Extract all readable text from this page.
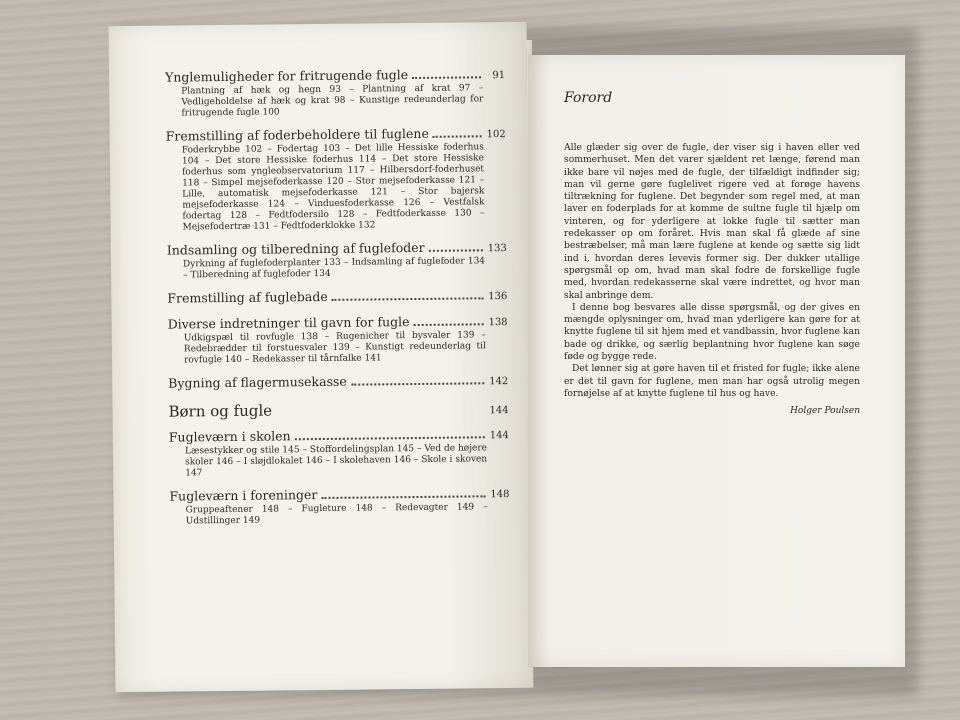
Ynglemuligheder for fritrugende fugle	91
Plantning af hæk og hegn 93 – Plantning af krat 97 – Vedligeholdelse af hæk og krat 98 – Kunstige redeunderlag for fritrugende fugle 100
Fremstilling af foderbeholdere til fuglene	102
Foderkrybbe 102 – Fodertag 103 – Det lille Hessiske foderhus 104 – Det store Hessiske foderhus 114 – Det store Hessiske foderhus som yngleobservatorium 117 – Hilbersdorf-foderhuset 118 – Simpel mejsefoderkasse 120 – Stor mejsefoderkasse 121 – Lille, automatisk mejsefoderkasse 121 – Stor bajersk mejsefoderkasse 124 – Vinduesfoderkasse 126 – Vestfalsk fodertag 128 – Fedtfodersilo 128 – Fedtfoderkasse 130 – Mejsefodertræ 131 – Fedtfoderklokke 132
Indsamling og tilberedning af fuglefoder	133
Dyrkning af fuglefoderplanter 133 – Indsamling af fuglefoder 134 – Tilberedning af fuglefoder 134
Fremstilling af fuglebade	136
Diverse indretninger til gavn for fugle	138
Udkigspæl til rovfugle 138 – Rugenicher til bysvaler 139 – Redebrædder til forstuesvaler 139 – Kunstigt redeunderlag til rovfugle 140 – Redekasser til tårnfalke 141
Bygning af flagermusekasse	142
Børn og fugle	144
Fugleværn i skolen	144
Læsestykker og stile 145 – Stoffordelingsplan 145 – Ved de højere skoler 146 – I sløjdlokalet 146 – I skolehaven 146 – Skole i skoven 147
Fugleværn i foreninger	148
Gruppeaftener 148 – Fugleture 148 – Redevagter 149 – Udstillinger 149
Forord

Alle glæder sig over de fugle, der viser sig i haven eller ved sommerhuset. Men det varer sjældent ret længe, førend man ikke bare vil nøjes med de fugle, der tilfældigt indfinder sig; man vil gerne gøre fuglelivet rigere ved at forøge havens tiltrækning for fuglene. Det begynder som regel med, at man laver en foderplads for at komme de sultne fugle til hjælp om vinteren, og for yderligere at lokke fugle til sætter man redekasser op om foråret. Hvis man skal få glæde af sine bestræbelser, må man lære fuglene at kende og sætte sig lidt ind i, hvordan deres levevis former sig. Der dukker utallige spørgsmål op om, hvad man skal fodre de forskellige fugle med, hvordan redekasserne skal være indrettet, og hvor man skal anbringe dem.

I denne bog besvares alle disse spørgsmål, og der gives en mængde oplysninger om, hvad man yderligere kan gøre for at knytte fuglene til sit hjem med et vandbassin, hvor fuglene kan bade og drikke, og særlig beplantning hvor fuglene kan søge føde og bygge rede.

Det lønner sig at gøre haven til et fristed for fugle; ikke alene er det til gavn for fuglene, men man har også utrolig megen fornøjelse af at knytte fuglene til hus og have.

Holger Poulsen
